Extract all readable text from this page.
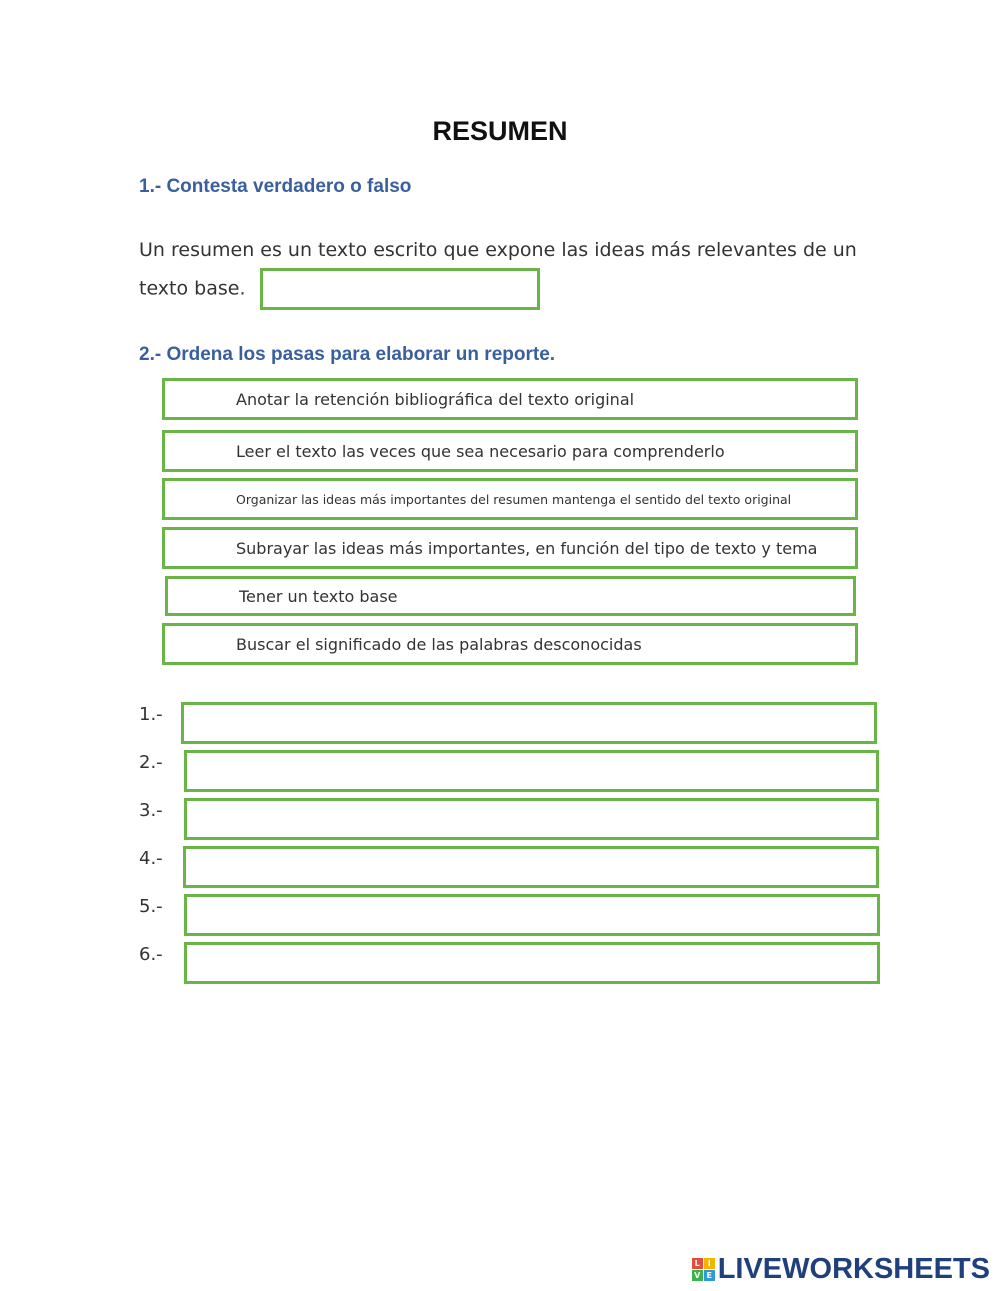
RESUMEN
1.- Contesta verdadero o falso
Un resumen es un texto escrito que expone las ideas más relevantes de un texto base.
2.- Ordena los pasas para elaborar un reporte.
Anotar la retención bibliográfica del texto original
Leer el texto las veces que sea necesario para comprenderlo
Organizar las ideas más importantes del resumen mantenga el sentido del texto original
Subrayar las ideas más importantes, en función del tipo de texto y tema
Tener un texto base
Buscar el significado de las palabras desconocidas
1.-
2.-
3.-
4.-
5.-
6.-
L I
V E LIVEWORKSHEETS
